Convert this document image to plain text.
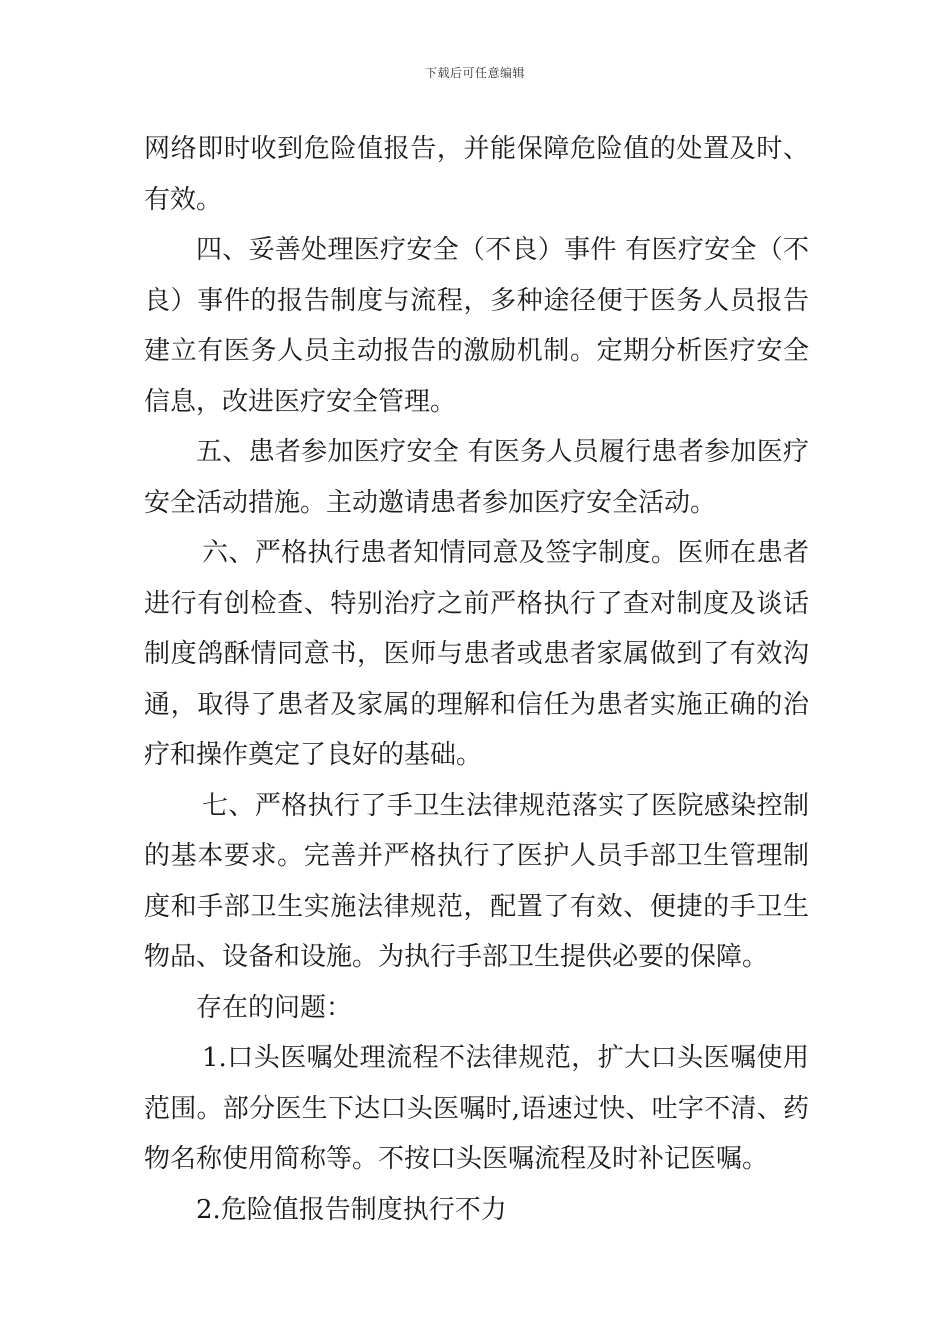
下载后可任意编辑

网络即时收到危险值报告，并能保障危险值的处置及时、有效。

四、妥善处理医疗安全（不良）事件 有医疗安全（不良）事件的报告制度与流程，多种途径便于医务人员报告建立有医务人员主动报告的激励机制。定期分析医疗安全信息，改进医疗安全管理。

五、患者参加医疗安全 有医务人员履行患者参加医疗安全活动措施。主动邀请患者参加医疗安全活动。

六、严格执行患者知情同意及签字制度。医师在患者进行有创检查、特别治疗之前严格执行了查对制度及谈话制度鸽酥情同意书，医师与患者或患者家属做到了有效沟通，取得了患者及家属的理解和信任为患者实施正确的治疗和操作奠定了良好的基础。

七、严格执行了手卫生法律规范落实了医院感染控制的基本要求。完善并严格执行了医护人员手部卫生管理制度和手部卫生实施法律规范，配置了有效、便捷的手卫生物品、设备和设施。为执行手部卫生提供必要的保障。

存在的问题：

1.口头医嘱处理流程不法律规范，扩大口头医嘱使用范围。部分医生下达口头医嘱时,语速过快、吐字不清、药物名称使用简称等。不按口头医嘱流程及时补记医嘱。

2.危险值报告制度执行不力
